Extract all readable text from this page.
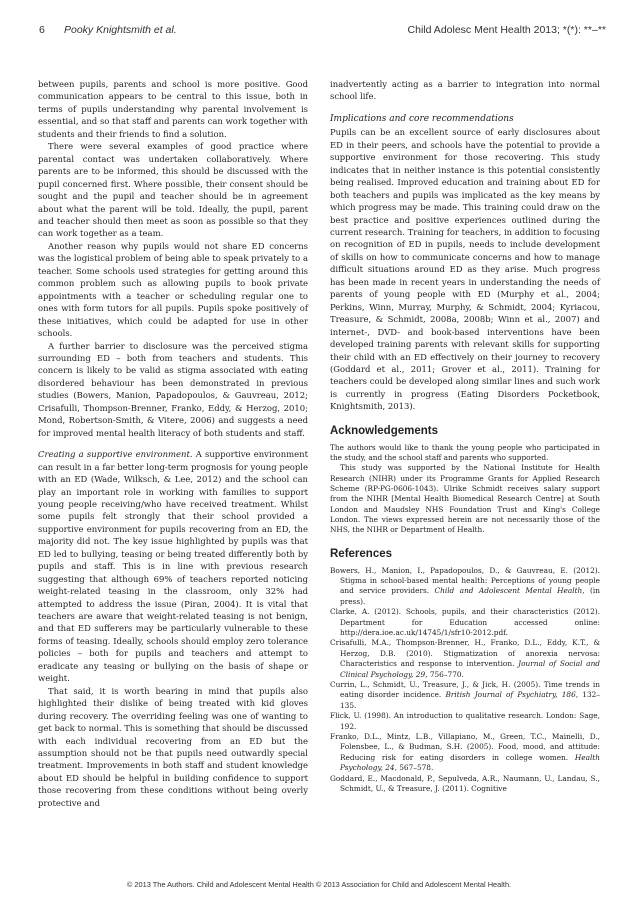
6 Pooky Knightsmith et al.	Child Adolesc Ment Health 2013; *(*): **–**

between pupils, parents and school is more positive. Good communication appears to be central to this issue, both in terms of pupils understanding why parental involvement is essential, and so that staff and parents can work together with students and their friends to find a solution.

There were several examples of good practice where parental contact was undertaken collaboratively. Where parents are to be informed, this should be discussed with the pupil concerned first. Where possible, their consent should be sought and the pupil and teacher should be in agreement about what the parent will be told. Ideally, the pupil, parent and teacher should then meet as soon as possible so that they can work together as a team.

Another reason why pupils would not share ED concerns was the logistical problem of being able to speak privately to a teacher. Some schools used strategies for getting around this common problem such as allowing pupils to book private appointments with a teacher or scheduling regular one to ones with form tutors for all pupils. Pupils spoke positively of these initiatives, which could be adapted for use in other schools.

A further barrier to disclosure was the perceived stigma surrounding ED – both from teachers and students. This concern is likely to be valid as stigma associated with eating disordered behaviour has been demonstrated in previous studies (Bowers, Manion, Papadopoulos, & Gauvreau, 2012; Crisafulli, Thompson-Brenner, Franko, Eddy, & Herzog, 2010; Mond, Robertson-Smith, & Vitere, 2006) and suggests a need for improved mental health literacy of both students and staff.

Creating a supportive environment. A supportive environment can result in a far better long-term prognosis for young people with an ED (Wade, Wilksch, & Lee, 2012) and the school can play an important role in working with families to support young people receiving/who have received treatment. Whilst some pupils felt strongly that their school provided a supportive environment for pupils recovering from an ED, the majority did not. The key issue highlighted by pupils was that ED led to bullying, teasing or being treated differently both by pupils and staff. This is in line with previous research suggesting that although 69% of teachers reported noticing weight-related teasing in the classroom, only 32% had attempted to address the issue (Piran, 2004). It is vital that teachers are aware that weight-related teasing is not benign, and that ED sufferers may be particularly vulnerable to these forms of teasing. Ideally, schools should employ zero tolerance policies – both for pupils and teachers and attempt to eradicate any teasing or bullying on the basis of shape or weight.

That said, it is worth bearing in mind that pupils also highlighted their dislike of being treated with kid gloves during recovery. The overriding feeling was one of wanting to get back to normal. This is something that should be discussed with each individual recovering from an ED but the assumption should not be that pupils need outwardly special treatment. Improvements in both staff and student knowledge about ED should be helpful in building confidence to support those recovering from these conditions without being overly protective and

inadvertently acting as a barrier to integration into normal school life.

Implications and core recommendations

Pupils can be an excellent source of early disclosures about ED in their peers, and schools have the potential to provide a supportive environment for those recovering. This study indicates that in neither instance is this potential consistently being realised. Improved education and training about ED for both teachers and pupils was implicated as the key means by which progress may be made. This training could draw on the best practice and positive experiences outlined during the current research. Training for teachers, in addition to focusing on recognition of ED in pupils, needs to include development of skills on how to communicate concerns and how to manage difficult situations around ED as they arise. Much progress has been made in recent years in understanding the needs of parents of young people with ED (Murphy et al., 2004; Perkins, Winn, Murray, Murphy, & Schmidt, 2004; Kyriacou, Treasure, & Schmidt, 2008a, 2008b; Winn et al., 2007) and internet-, DVD- and book-based interventions have been developed training parents with relevant skills for supporting their child with an ED effectively on their journey to recovery (Goddard et al., 2011; Grover et al., 2011). Training for teachers could be developed along similar lines and such work is currently in progress (Eating Disorders Pocketbook, Knightsmith, 2013).

Acknowledgements

The authors would like to thank the young people who participated in the study, and the school staff and parents who supported.

This study was supported by the National Institute for Health Research (NIHR) under its Programme Grants for Applied Research Scheme (RP-PG-0606-1043). Ulrike Schmidt receives salary support from the NIHR [Mental Health Biomedical Research Centre] at South London and Maudsley NHS Foundation Trust and King's College London. The views expressed herein are not necessarily those of the NHS, the NIHR or Department of Health.

References

Bowers, H., Manion, I., Papadopoulos, D., & Gauvreau, E. (2012). Stigma in school-based mental health: Perceptions of young people and service providers. Child and Adolescent Mental Health, (in press).

Clarke, A. (2012). Schools, pupils, and their characteristics (2012). Department for Education accessed online: http://dera.ioe.ac.uk/14745/1/sfr10-2012.pdf.

Crisafulli, M.A., Thompson-Brenner, H., Franko, D.L., Eddy, K.T., & Herzog, D.B. (2010). Stigmatization of anorexia nervosa: Characteristics and response to intervention. Journal of Social and Clinical Psychology, 29, 756–770.

Currin, L., Schmidt, U., Treasure, J., & Jick, H. (2005). Time trends in eating disorder incidence. British Journal of Psychiatry, 186, 132–135.

Flick, U. (1998). An introduction to qualitative research. London: Sage, 192.

Franko, D.L., Mintz, L.B., Villapiano, M., Green, T.C., Mainelli, D., Folensbee, L., & Budman, S.H. (2005). Food, mood, and attitude: Reducing risk for eating disorders in college women. Health Psychology, 24, 567–578.

Goddard, E., Macdonald, P., Sepulveda, A.R., Naumann, U., Landau, S., Schmidt, U., & Treasure, J. (2011). Cognitive

© 2013 The Authors. Child and Adolescent Mental Health © 2013 Association for Child and Adolescent Mental Health.
